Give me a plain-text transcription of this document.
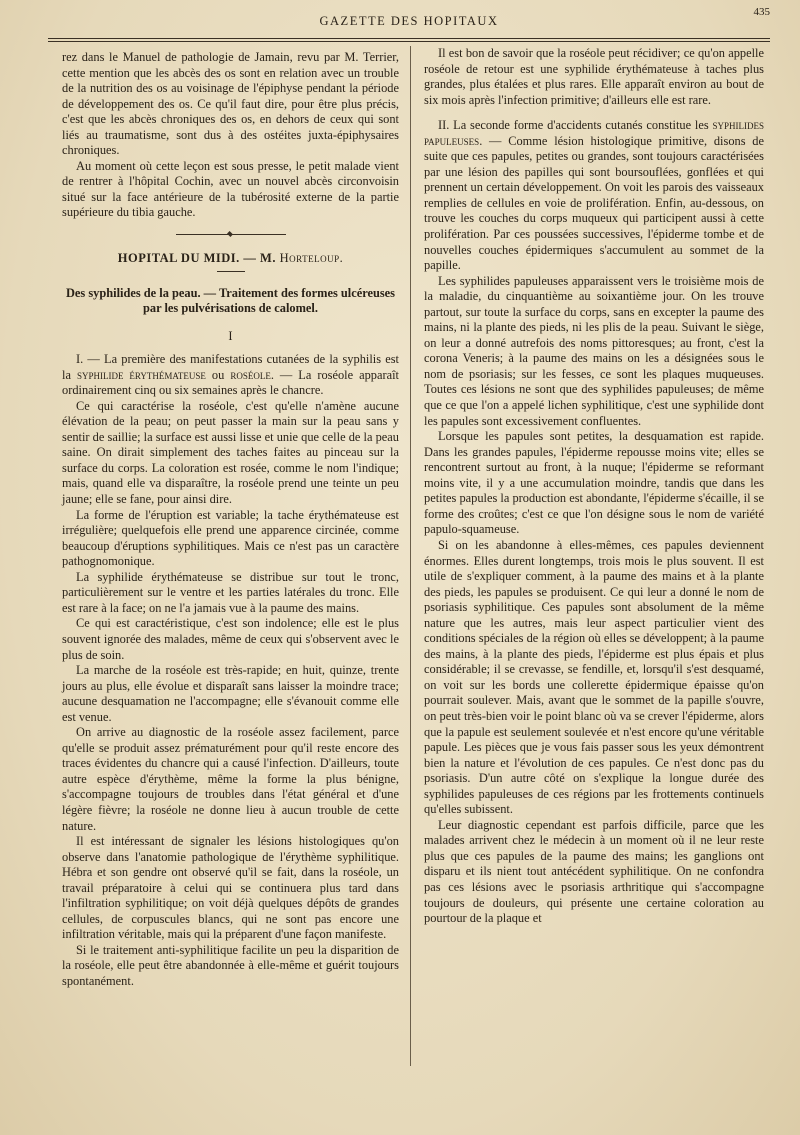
GAZETTE DES HOPITAUX
435

rez dans le Manuel de pathologie de Jamain, revu par M. Terrier, cette mention que les abcès des os sont en relation avec un trouble de la nutrition des os au voisinage de l'épiphyse pendant la période de développement des os. Ce qu'il faut dire, pour être plus précis, c'est que les abcès chroniques des os, en dehors de ceux qui sont liés au traumatisme, sont dus à des ostéites juxta-épiphysaires chroniques.

Au moment où cette leçon est sous presse, le petit malade vient de rentrer à l'hôpital Cochin, avec un nouvel abcès circonvoisin situé sur la face antérieure de la tubérosité externe de la partie supérieure du tibia gauche.

HOPITAL DU MIDI. — M. Horteloup.
Des syphilides de la peau. — Traitement des formes ulcéreuses par les pulvérisations de calomel.
I

I. — La première des manifestations cutanées de la syphilis est la syphilide érythémateuse ou roséole. — La roséole apparaît ordinairement cinq ou six semaines après le chancre.

Ce qui caractérise la roséole, c'est qu'elle n'amène aucune élévation de la peau; on peut passer la main sur la peau sans y sentir de saillie; la surface est aussi lisse et unie que celle de la peau saine. On dirait simplement des taches faites au pinceau sur la surface du corps. La coloration est rosée, comme le nom l'indique; mais, quand elle va disparaître, la roséole prend une teinte un peu jaune; elle se fane, pour ainsi dire.

La forme de l'éruption est variable; la tache érythémateuse est irrégulière; quelquefois elle prend une apparence circinée, comme beaucoup d'éruptions syphilitiques. Mais ce n'est pas un caractère pathognomonique.

La syphilide érythémateuse se distribue sur tout le tronc, particulièrement sur le ventre et les parties latérales du tronc. Elle est rare à la face; on ne l'a jamais vue à la paume des mains.

Ce qui est caractéristique, c'est son indolence; elle est le plus souvent ignorée des malades, même de ceux qui s'observent avec le plus de soin.

La marche de la roséole est très-rapide; en huit, quinze, trente jours au plus, elle évolue et disparaît sans laisser la moindre trace; aucune desquamation ne l'accompagne; elle s'évanouit comme elle est venue.

On arrive au diagnostic de la roséole assez facilement, parce qu'elle se produit assez prématurément pour qu'il reste encore des traces évidentes du chancre qui a causé l'infection. D'ailleurs, toute autre espèce d'érythème, même la forme la plus bénigne, s'accompagne toujours de troubles dans l'état général et d'une légère fièvre; la roséole ne donne lieu à aucun trouble de cette nature.

Il est intéressant de signaler les lésions histologiques qu'on observe dans l'anatomie pathologique de l'érythème syphilitique. Hébra et son gendre ont observé qu'il se fait, dans la roséole, un travail préparatoire à celui qui se continuera plus tard dans l'infiltration syphilitique; on voit déjà quelques dépôts de grandes cellules, de corpuscules blancs, qui ne sont pas encore une infiltration véritable, mais qui la préparent d'une façon manifeste.

Si le traitement anti-syphilitique facilite un peu la disparition de la roséole, elle peut être abandonnée à elle-même et guérit toujours spontanément.

Il est bon de savoir que la roséole peut récidiver; ce qu'on appelle roséole de retour est une syphilide érythémateuse à taches plus grandes, plus étalées et plus rares. Elle apparaît environ au bout de six mois après l'infection primitive; d'ailleurs elle est rare.

II. La seconde forme d'accidents cutanés constitue les syphilides papuleuses. — Comme lésion histologique primitive, disons de suite que ces papules, petites ou grandes, sont toujours caractérisées par une lésion des papilles qui sont boursouflées, gonflées et qui prennent un certain développement. On voit les parois des vaisseaux remplies de cellules en voie de prolifération. Enfin, au-dessous, on trouve les couches du corps muqueux qui participent aussi à cette prolifération. Par ces poussées successives, l'épiderme tombe et de nouvelles couches épidermiques s'accumulent au sommet de la papille.

Les syphilides papuleuses apparaissent vers le troisième mois de la maladie, du cinquantième au soixantième jour. On les trouve partout, sur toute la surface du corps, sans en excepter la paume des mains, ni la plante des pieds, ni les plis de la peau. Suivant le siège, on leur a donné autrefois des noms pittoresques; au front, c'est la corona Veneris; à la paume des mains on les a désignées sous le nom de psoriasis; sur les fesses, ce sont les plaques muqueuses. Toutes ces lésions ne sont que des syphilides papuleuses; de même que ce que l'on a appelé lichen syphilitique, c'est une syphilide dont les papules sont excessivement confluentes.

Lorsque les papules sont petites, la desquamation est rapide. Dans les grandes papules, l'épiderme repousse moins vite; elles se rencontrent surtout au front, à la nuque; l'épiderme se reformant moins vite, il y a une accumulation moindre, tandis que dans les petites papules la production est abondante, l'épiderme s'écaille, il se forme des croûtes; c'est ce que l'on désigne sous le nom de variété papulo-squameuse.

Si on les abandonne à elles-mêmes, ces papules deviennent énormes. Elles durent longtemps, trois mois le plus souvent. Il est utile de s'expliquer comment, à la paume des mains et à la plante des pieds, les papules se produisent. Ce qui leur a donné le nom de psoriasis syphilitique. Ces papules sont absolument de la même nature que les autres, mais leur aspect particulier vient des conditions spéciales de la région où elles se développent; à la paume des mains, à la plante des pieds, l'épiderme est plus épais et plus considérable; il se crevasse, se fendille, et, lorsqu'il s'est desquamé, on voit sur les bords une collerette épidermique épaisse qu'on pourrait soulever. Mais, avant que le sommet de la papille s'ouvre, on peut très-bien voir le point blanc où va se crever l'épiderme, alors que la papule est seulement soulevée et n'est encore qu'une véritable papule. Les pièces que je vous fais passer sous les yeux démontrent bien la nature et l'évolution de ces papules. Ce n'est donc pas du psoriasis. D'un autre côté on s'explique la longue durée des syphilides papuleuses de ces régions par les frottements continuels qu'elles subissent.

Leur diagnostic cependant est parfois difficile, parce que les malades arrivent chez le médecin à un moment où il ne leur reste plus que ces papules de la paume des mains; les ganglions ont disparu et ils nient tout antécédent syphilitique. On ne confondra pas ces lésions avec le psoriasis arthritique qui s'accompagne toujours de douleurs, qui présente une certaine coloration au pourtour de la plaque et
